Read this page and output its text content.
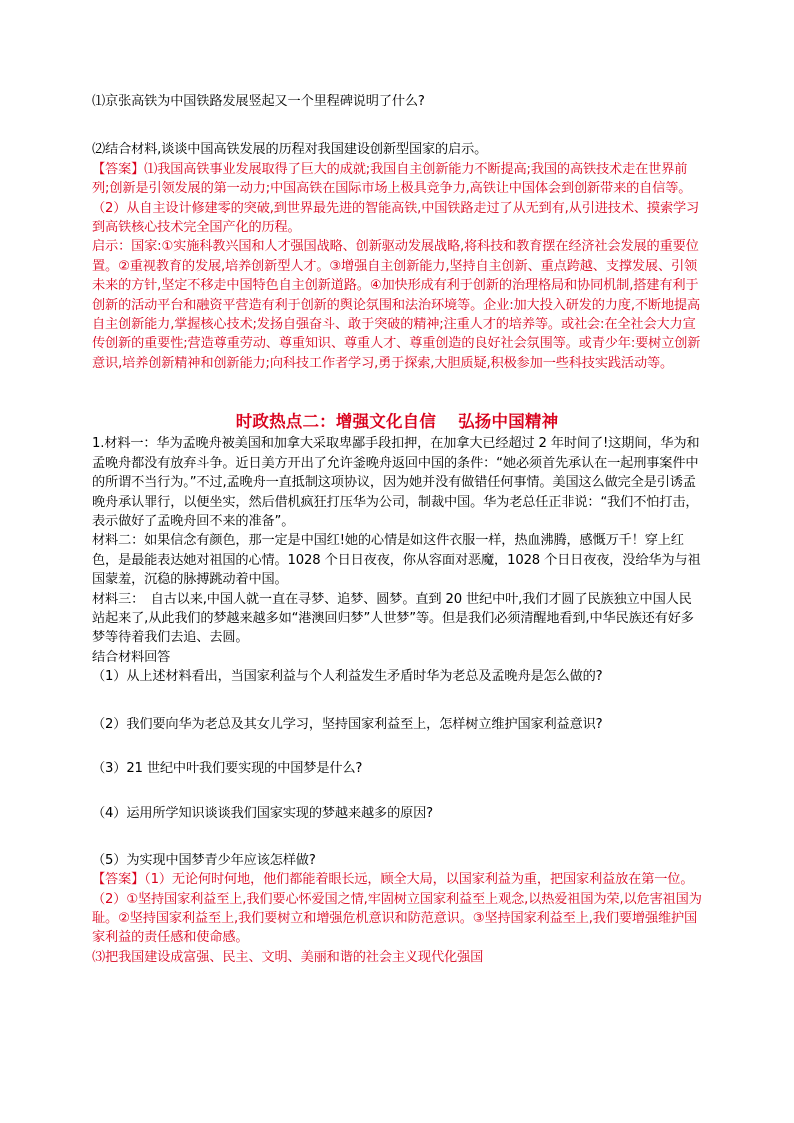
⑴京张高铁为中国铁路发展竖起又一个里程碑说明了什么?

⑵结合材料,谈谈中国高铁发展的历程对我国建设创新型国家的启示。

【答案】⑴我国高铁事业发展取得了巨大的成就;我国自主创新能力不断提高;我国的高铁技术走在世界前列;创新是引领发展的第一动力;中国高铁在国际市场上极具竞争力,高铁让中国体会到创新带来的自信等。

（2）从自主设计修建零的突破,到世界最先进的智能高铁,中国铁路走过了从无到有,从引进技术、摸索学习到高铁核心技术完全国产化的历程。

启示：国家:①实施科教兴国和人才强国战略、创新驱动发展战略,将科技和教育摆在经济社会发展的重要位置。②重视教育的发展,培养创新型人才。③增强自主创新能力,坚持自主创新、重点跨越、支撑发展、引领未来的方针,坚定不移走中国特色自主创新道路。④加快形成有利于创新的治理格局和协同机制,搭建有利于创新的活动平台和融资平营造有利于创新的舆论氛围和法治环境等。企业:加大投入研发的力度,不断地提高自主创新能力,掌握核心技术;发扬自强奋斗、敢于突破的精神;注重人才的培养等。或社会:在全社会大力宣传创新的重要性;营造尊重劳动、尊重知识、尊重人才、尊重创造的良好社会氛围等。或青少年:要树立创新意识,培养创新精神和创新能力;向科技工作者学习,勇于探索,大胆质疑,积极参加一些科技实践活动等。

时政热点二：增强文化自信 弘扬中国精神

1.材料一：华为孟晚舟被美国和加拿大采取卑鄙手段扣押，在加拿大已经超过 2 年时间了!这期间，华为和孟晚舟都没有放弃斗争。近日美方开出了允许釜晚舟返回中国的条件：“她必须首先承认在一起刑事案件中的所谓不当行为。”不过,孟晚舟一直抵制这项协议，因为她并没有做错任何事情。美国这么做完全是引诱孟晚舟承认罪行，以便坐实，然后借机疯狂打压华为公司，制裁中国。华为老总任正非说：“我们不怕打击，表示做好了孟晚舟回不来的准备”。

材料二：如果信念有颜色，那一定是中国红!她的心情是如这件衣服一样，热血沸腾，感慨万千！穿上红色，是最能表达她对祖国的心情。1028 个日日夜夜，你从容面对恶魔，1028 个日日夜夜，没给华为与祖国蒙羞，沉稳的脉搏跳动着中国。

材料三：　自古以来,中国人就一直在寻梦、追梦、圆梦。直到 20 世纪中叶,我们才圆了民族独立中国人民站起来了,从此我们的梦越来越多如“港澳回归梦”人世梦”等。但是我们必须清醒地看到,中华民族还有好多梦等待着我们去追、去圆。

结合材料回答

（1）从上述材料看出，当国家利益与个人利益发生矛盾时华为老总及孟晚舟是怎么做的?

（2）我们要向华为老总及其女儿学习，坚持国家利益至上，怎样树立维护国家利益意识?

（3）21 世纪中叶我们要实现的中国梦是什么?

（4）运用所学知识谈谈我们国家实现的梦越来越多的原因?

（5）为实现中国梦青少年应该怎样做?

【答案】（1）无论何时何地，他们都能着眼长远，顾全大局，以国家利益为重，把国家利益放在第一位。

（2）①坚持国家利益至上,我们要心怀爱国之情,牢固树立国家利益至上观念,以热爱祖国为荣,以危害祖国为耻。②坚持国家利益至上,我们要树立和增强危机意识和防范意识。③坚持国家利益至上,我们要增强维护国家利益的责任感和使命感。

⑶把我国建设成富强、民主、文明、美丽和谐的社会主义现代化强国
